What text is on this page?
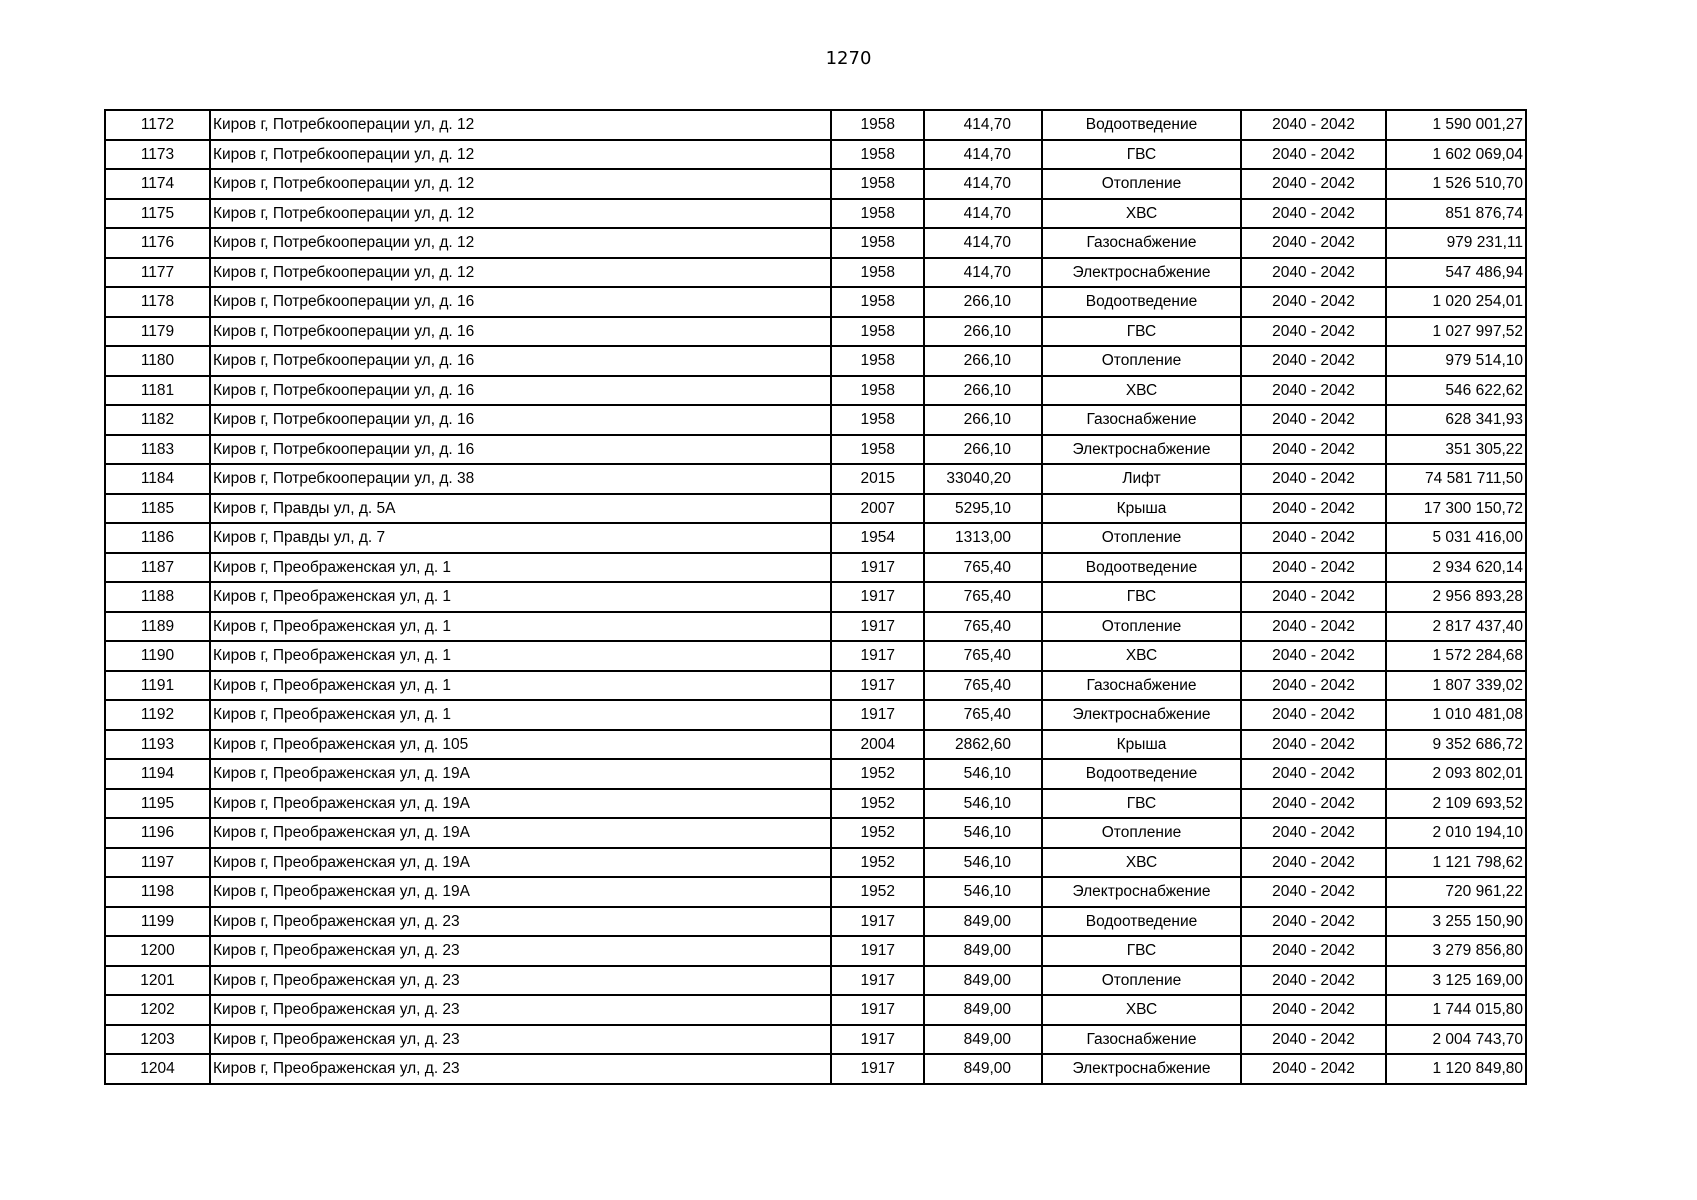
1270
1172	Киров г, Потребкооперации ул, д. 12	1958	414,70	Водоотведение	2040 - 2042	1 590 001,27
1173	Киров г, Потребкооперации ул, д. 12	1958	414,70	ГВС	2040 - 2042	1 602 069,04
1174	Киров г, Потребкооперации ул, д. 12	1958	414,70	Отопление	2040 - 2042	1 526 510,70
1175	Киров г, Потребкооперации ул, д. 12	1958	414,70	ХВС	2040 - 2042	851 876,74
1176	Киров г, Потребкооперации ул, д. 12	1958	414,70	Газоснабжение	2040 - 2042	979 231,11
1177	Киров г, Потребкооперации ул, д. 12	1958	414,70	Электроснабжение	2040 - 2042	547 486,94
1178	Киров г, Потребкооперации ул, д. 16	1958	266,10	Водоотведение	2040 - 2042	1 020 254,01
1179	Киров г, Потребкооперации ул, д. 16	1958	266,10	ГВС	2040 - 2042	1 027 997,52
1180	Киров г, Потребкооперации ул, д. 16	1958	266,10	Отопление	2040 - 2042	979 514,10
1181	Киров г, Потребкооперации ул, д. 16	1958	266,10	ХВС	2040 - 2042	546 622,62
1182	Киров г, Потребкооперации ул, д. 16	1958	266,10	Газоснабжение	2040 - 2042	628 341,93
1183	Киров г, Потребкооперации ул, д. 16	1958	266,10	Электроснабжение	2040 - 2042	351 305,22
1184	Киров г, Потребкооперации ул, д. 38	2015	33040,20	Лифт	2040 - 2042	74 581 711,50
1185	Киров г, Правды ул, д. 5А	2007	5295,10	Крыша	2040 - 2042	17 300 150,72
1186	Киров г, Правды ул, д. 7	1954	1313,00	Отопление	2040 - 2042	5 031 416,00
1187	Киров г, Преображенская ул, д. 1	1917	765,40	Водоотведение	2040 - 2042	2 934 620,14
1188	Киров г, Преображенская ул, д. 1	1917	765,40	ГВС	2040 - 2042	2 956 893,28
1189	Киров г, Преображенская ул, д. 1	1917	765,40	Отопление	2040 - 2042	2 817 437,40
1190	Киров г, Преображенская ул, д. 1	1917	765,40	ХВС	2040 - 2042	1 572 284,68
1191	Киров г, Преображенская ул, д. 1	1917	765,40	Газоснабжение	2040 - 2042	1 807 339,02
1192	Киров г, Преображенская ул, д. 1	1917	765,40	Электроснабжение	2040 - 2042	1 010 481,08
1193	Киров г, Преображенская ул, д. 105	2004	2862,60	Крыша	2040 - 2042	9 352 686,72
1194	Киров г, Преображенская ул, д. 19А	1952	546,10	Водоотведение	2040 - 2042	2 093 802,01
1195	Киров г, Преображенская ул, д. 19А	1952	546,10	ГВС	2040 - 2042	2 109 693,52
1196	Киров г, Преображенская ул, д. 19А	1952	546,10	Отопление	2040 - 2042	2 010 194,10
1197	Киров г, Преображенская ул, д. 19А	1952	546,10	ХВС	2040 - 2042	1 121 798,62
1198	Киров г, Преображенская ул, д. 19А	1952	546,10	Электроснабжение	2040 - 2042	720 961,22
1199	Киров г, Преображенская ул, д. 23	1917	849,00	Водоотведение	2040 - 2042	3 255 150,90
1200	Киров г, Преображенская ул, д. 23	1917	849,00	ГВС	2040 - 2042	3 279 856,80
1201	Киров г, Преображенская ул, д. 23	1917	849,00	Отопление	2040 - 2042	3 125 169,00
1202	Киров г, Преображенская ул, д. 23	1917	849,00	ХВС	2040 - 2042	1 744 015,80
1203	Киров г, Преображенская ул, д. 23	1917	849,00	Газоснабжение	2040 - 2042	2 004 743,70
1204	Киров г, Преображенская ул, д. 23	1917	849,00	Электроснабжение	2040 - 2042	1 120 849,80
